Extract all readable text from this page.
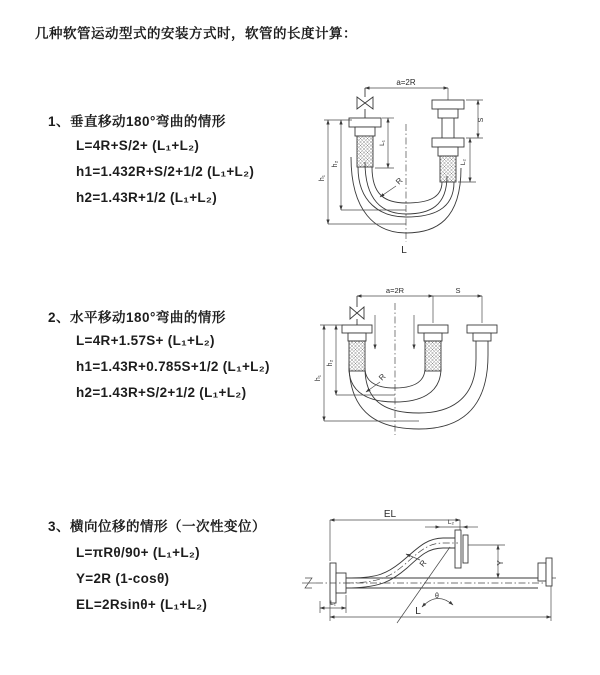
几种软管运动型式的安装方式时，软管的长度计算：
1、垂直移动180°弯曲的情形
L=4R+S/2+ (L₁+L₂)
h1=1.432R+S/2+1/2 (L₁+L₂)
h2=1.43R+1/2 (L₁+L₂)
2、水平移动180°弯曲的情形
L=4R+1.57S+ (L₁+L₂)
h1=1.43R+0.785S+1/2 (L₁+L₂)
h2=1.43R+S/2+1/2 (L₁+L₂)
3、横向位移的情形（一次性变位）
L=πRθ/90+ (L₁+L₂)
Y=2R (1-cosθ)
EL=2Rsinθ+ (L₁+L₂)
a=2R
L₁
S
L₂
R
h₁
h₂
L
a=2R	S
R
h₁
h₂
EL
L₂
Y
θ
R
L₁
L
